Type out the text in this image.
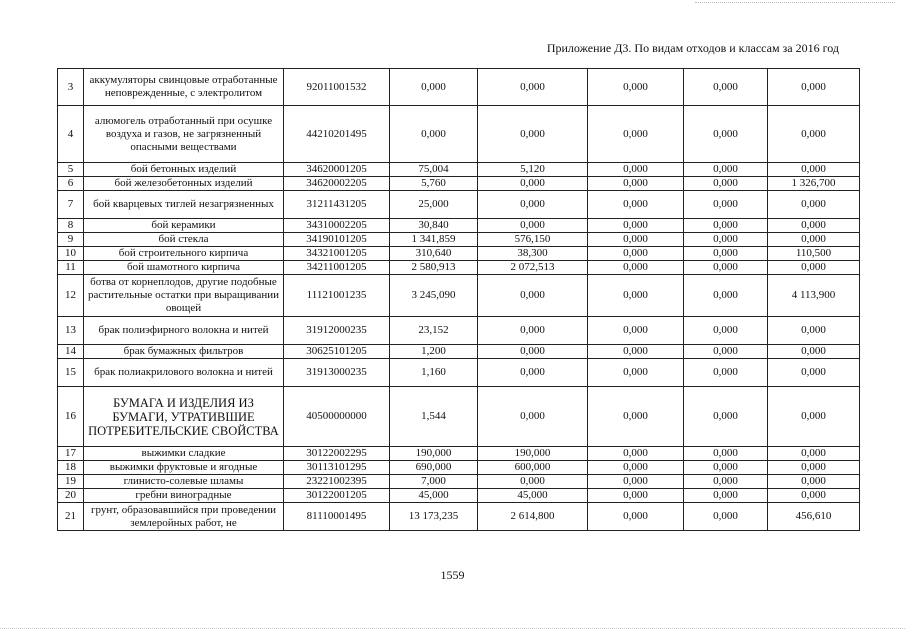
Приложение Д3. По видам отходов и классам за 2016 год
3	аккумуляторы свинцовые отработанные неповрежденные, с электролитом	92011001532	0,000	0,000	0,000	0,000	0,000
4	алюмогель отработанный при осушке воздуха и газов, не загрязненный опасными веществами	44210201495	0,000	0,000	0,000	0,000	0,000
5	бой бетонных изделий	34620001205	75,004	5,120	0,000	0,000	0,000
6	бой железобетонных изделий	34620002205	5,760	0,000	0,000	0,000	1 326,700
7	бой кварцевых тиглей незагрязненных	31211431205	25,000	0,000	0,000	0,000	0,000
8	бой керамики	34310002205	30,840	0,000	0,000	0,000	0,000
9	бой стекла	34190101205	1 341,859	576,150	0,000	0,000	0,000
10	бой строительного кирпича	34321001205	310,640	38,300	0,000	0,000	110,500
11	бой шамотного кирпича	34211001205	2 580,913	2 072,513	0,000	0,000	0,000
12	ботва от корнеплодов, другие подобные растительные остатки при выращивании овощей	11121001235	3 245,090	0,000	0,000	0,000	4 113,900
13	брак полиэфирного волокна и нитей	31912000235	23,152	0,000	0,000	0,000	0,000
14	брак бумажных фильтров	30625101205	1,200	0,000	0,000	0,000	0,000
15	брак полиакрилового волокна и нитей	31913000235	1,160	0,000	0,000	0,000	0,000
16	БУМАГА И ИЗДЕЛИЯ ИЗ БУМАГИ, УТРАТИВШИЕ ПОТРЕБИТЕЛЬСКИЕ СВОЙСТВА	40500000000	1,544	0,000	0,000	0,000	0,000
17	выжимки сладкие	30122002295	190,000	190,000	0,000	0,000	0,000
18	выжимки фруктовые и ягодные	30113101295	690,000	600,000	0,000	0,000	0,000
19	глинисто-солевые шламы	23221002395	7,000	0,000	0,000	0,000	0,000
20	гребни виноградные	30122001205	45,000	45,000	0,000	0,000	0,000
21	грунт, образовавшийся при проведении землеройных работ, не	81110001495	13 173,235	2 614,800	0,000	0,000	456,610
1559
